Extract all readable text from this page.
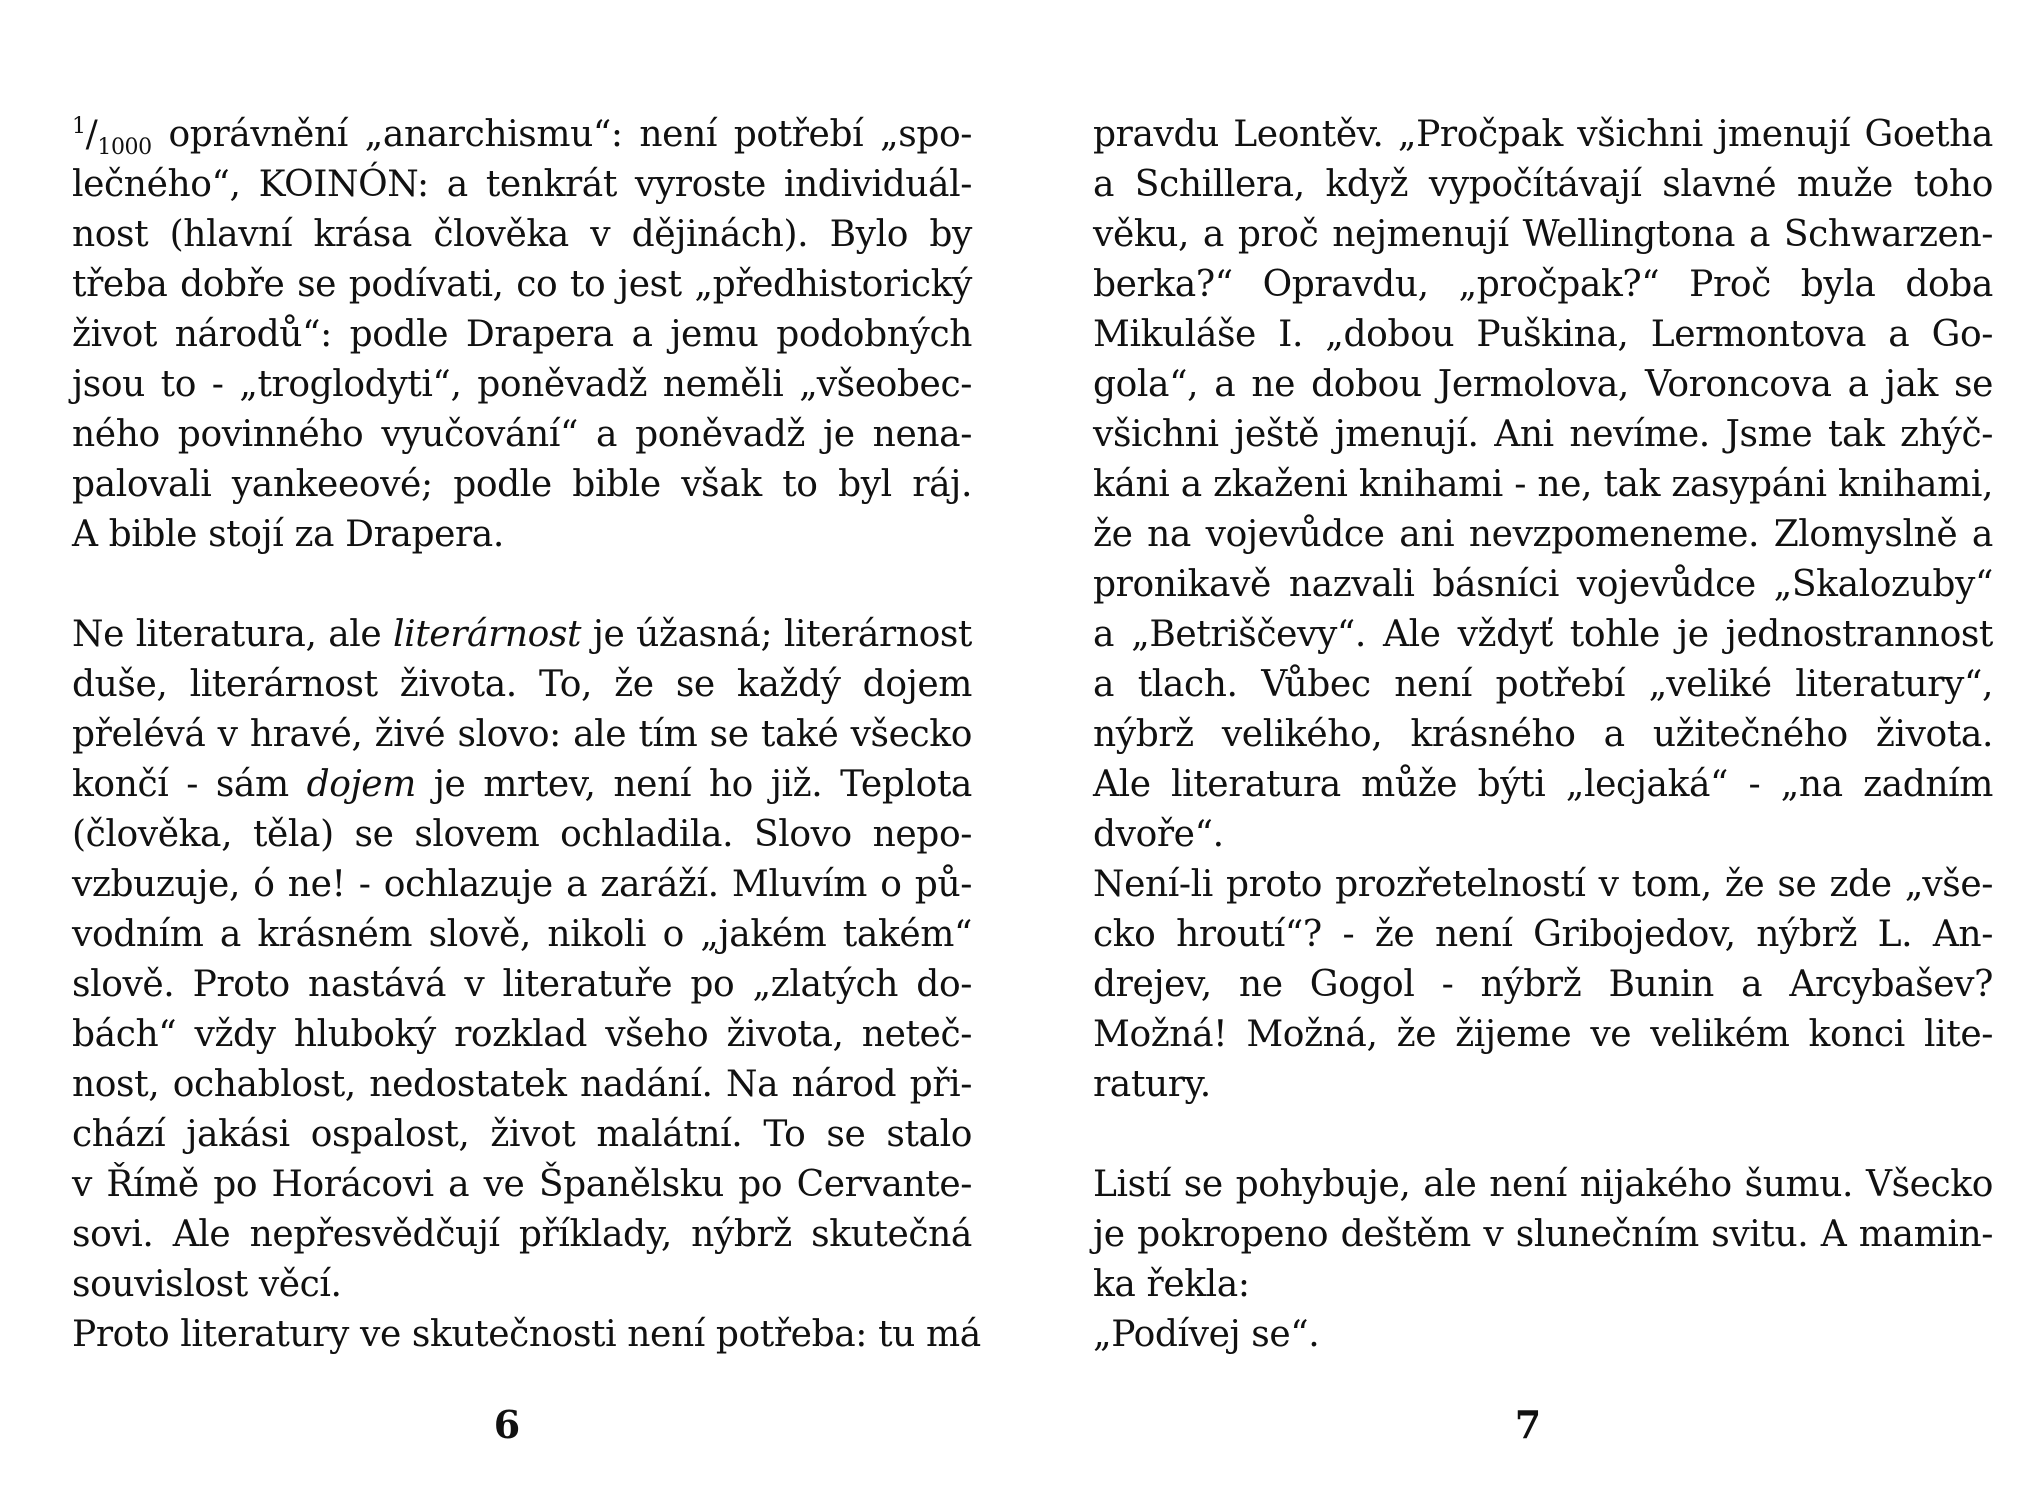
$^1/_{1000}$ oprávnění „anarchismu“: není potřebí „spo-
lečného“, KOINÓN: a tenkrát vyroste individuál-
nost (hlavní krása člověka v dějinách). Bylo by
třeba dobře se podívati, co to jest „předhistorický
život národů“: podle Drapera a jemu podobných
jsou to - „troglodyti“, poněvadž neměli „všeobec-
ného povinného vyučování“ a poněvadž je nena-
palovali yankeeové; podle bible však to byl ráj.
A bible stojí za Drapera.
Ne literatura, ale literárnost je úžasná; literárnost
duše, literárnost života. To, že se každý dojem
přelévá v hravé, živé slovo: ale tím se také všecko
končí - sám dojem je mrtev, není ho již. Teplota
(člověka, těla) se slovem ochladila. Slovo nepo-
vzbuzuje, ó ne! - ochlazuje a zaráží. Mluvím o pů-
vodním a krásném slově, nikoli o „jakém takém“
slově. Proto nastává v literatuře po „zlatých do-
bách“ vždy hluboký rozklad všeho života, neteč-
nost, ochablost, nedostatek nadání. Na národ při-
chází jakási ospalost, život malátní. To se stalo
v Římě po Horácovi a ve Španělsku po Cervante-
sovi. Ale nepřesvědčují příklady, nýbrž skutečná
souvislost věcí.
Proto literatury ve skutečnosti není potřeba: tu má
6
pravdu Leontěv. „Pročpak všichni jmenují Goetha
a Schillera, když vypočítávají slavné muže toho
věku, a proč nejmenují Wellingtona a Schwarzen-
berka?“ Opravdu, „pročpak?“ Proč byla doba
Mikuláše I. „dobou Puškina, Lermontova a Go-
gola“, a ne dobou Jermolova, Voroncova a jak se
všichni ještě jmenují. Ani nevíme. Jsme tak zhýč-
káni a zkaženi knihami - ne, tak zasypáni knihami,
že na vojevůdce ani nevzpomeneme. Zlomyslně a
pronikavě nazvali básníci vojevůdce „Skalozuby“
a „Betriščevy“. Ale vždyť tohle je jednostrannost
a tlach. Vůbec není potřebí „veliké literatury“,
nýbrž velikého, krásného a užitečného života.
Ale literatura může býti „lecjaká“ - „na zadním
dvoře“.
Není-li proto prozřetelností v tom, že se zde „vše-
cko hroutí“? - že není Gribojedov, nýbrž L. An-
drejev, ne Gogol - nýbrž Bunin a Arcybašev?
Možná! Možná, že žijeme ve velikém konci lite-
ratury.
Listí se pohybuje, ale není nijakého šumu. Všecko
je pokropeno deštěm v slunečním svitu. A mamin-
ka řekla:
„Podívej se“.
7
